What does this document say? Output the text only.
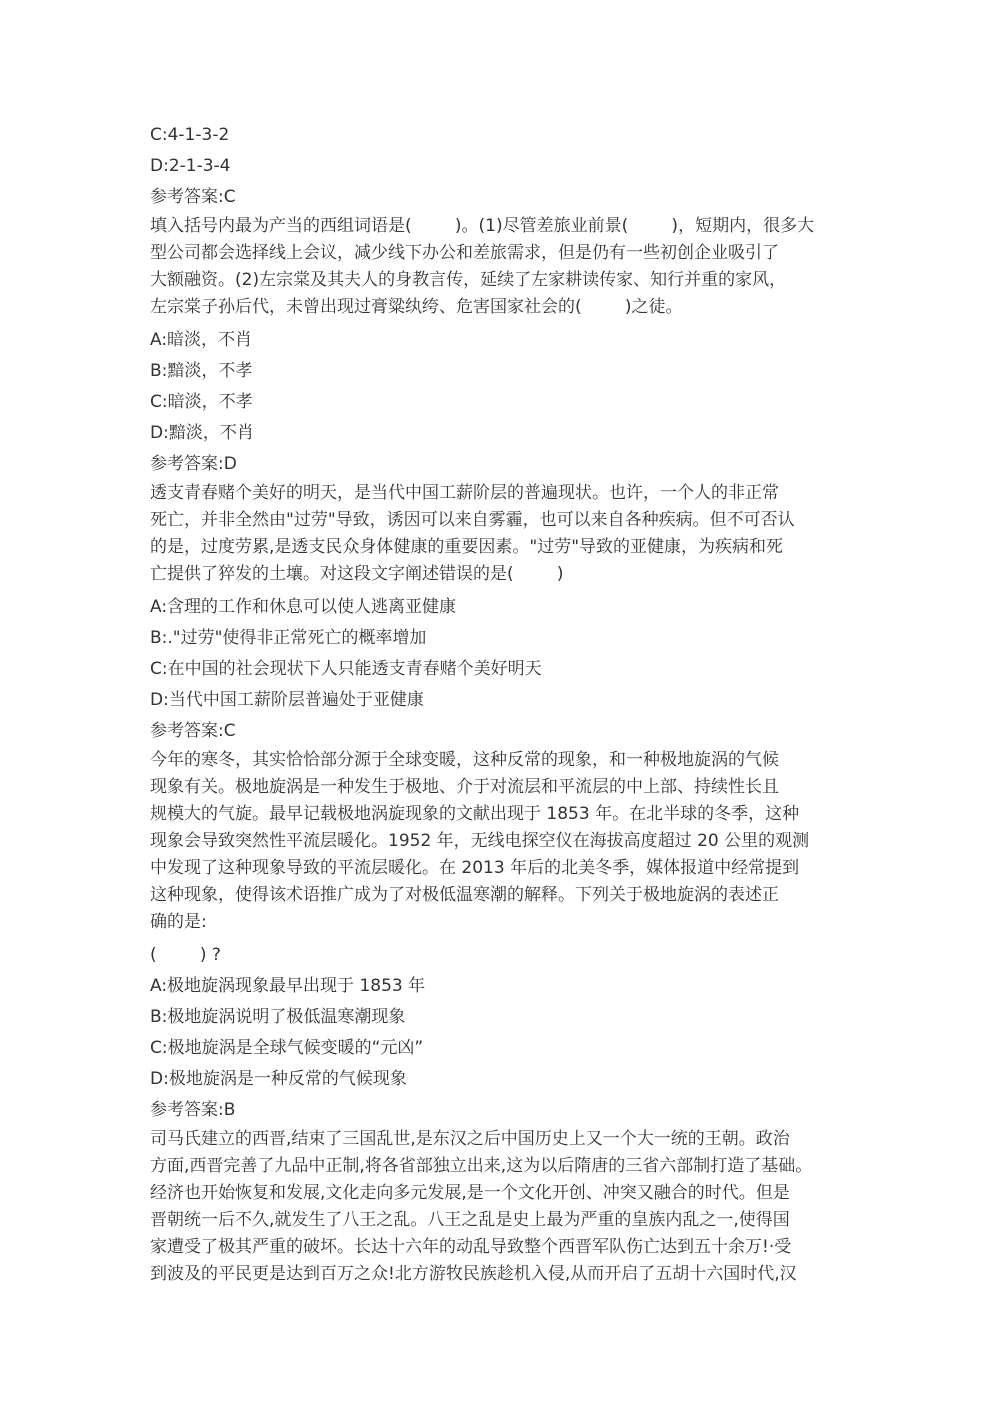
C:4-1-3-2

D:2-1-3-4

参考答案:C

填入括号内最为产当的西组词语是(        )。(1)尽管差旅业前景(        )，短期内，很多大
型公司都会选择线上会议，减少线下办公和差旅需求，但是仍有一些初创企业吸引了
大额融资。(2)左宗棠及其夫人的身教言传，延续了左家耕读传家、知行并重的家风，
左宗棠子孙后代，未曾出现过膏粱纨绔、危害国家社会的(        )之徒。

A:暗淡，不肖

B:黯淡，不孝

C:暗淡，不孝

D:黯淡，不肖

参考答案:D

透支青春赌个美好的明天，是当代中国工薪阶层的普遍现状。也许，一个人的非正常
死亡，并非全然由"过劳"导致，诱因可以来自雾霾，也可以来自各种疾病。但不可否认
的是，过度劳累,是透支民众身体健康的重要因素。"过劳"导致的亚健康，为疾病和死
亡提供了猝发的土壤。对这段文字阐述错误的是(        )

A:含理的工作和休息可以使人逃离亚健康

B:."过劳"使得非正常死亡的概率增加

C:在中国的社会现状下人只能透支青春赌个美好明天

D:当代中国工薪阶层普遍处于亚健康

参考答案:C

今年的寒冬，其实恰恰部分源于全球变暖，这种反常的现象，和一种极地旋涡的气候
现象有关。极地旋涡是一种发生于极地、介于对流层和平流层的中上部、持续性长且
规模大的气旋。最早记载极地涡旋现象的文献出现于 1853 年。在北半球的冬季，这种
现象会导致突然性平流层暖化。1952 年，无线电探空仪在海拔高度超过 20 公里的观测
中发现了这种现象导致的平流层暖化。在 2013 年后的北美冬季，媒体报道中经常提到
这种现象，使得该术语推广成为了对极低温寒潮的解释。下列关于极地旋涡的表述正
确的是:

(        ) ?

A:极地旋涡现象最早出现于 1853 年

B:极地旋涡说明了极低温寒潮现象

C:极地旋涡是全球气候变暖的“元凶”

D:极地旋涡是一种反常的气候现象

参考答案:B

司马氏建立的西晋,结束了三国乱世,是东汉之后中国历史上又一个大一统的王朝。政治
方面,西晋完善了九品中正制,将各省部独立出来,这为以后隋唐的三省六部制打造了基础。
经济也开始恢复和发展,文化走向多元发展,是一个文化开创、冲突又融合的时代。但是
晋朝统一后不久,就发生了八王之乱。八王之乱是史上最为严重的皇族内乱之一,使得国
家遭受了极其严重的破坏。长达十六年的动乱导致整个西晋军队伤亡达到五十余万!·受
到波及的平民更是达到百万之众!北方游牧民族趁机入侵,从而开启了五胡十六国时代,汉
